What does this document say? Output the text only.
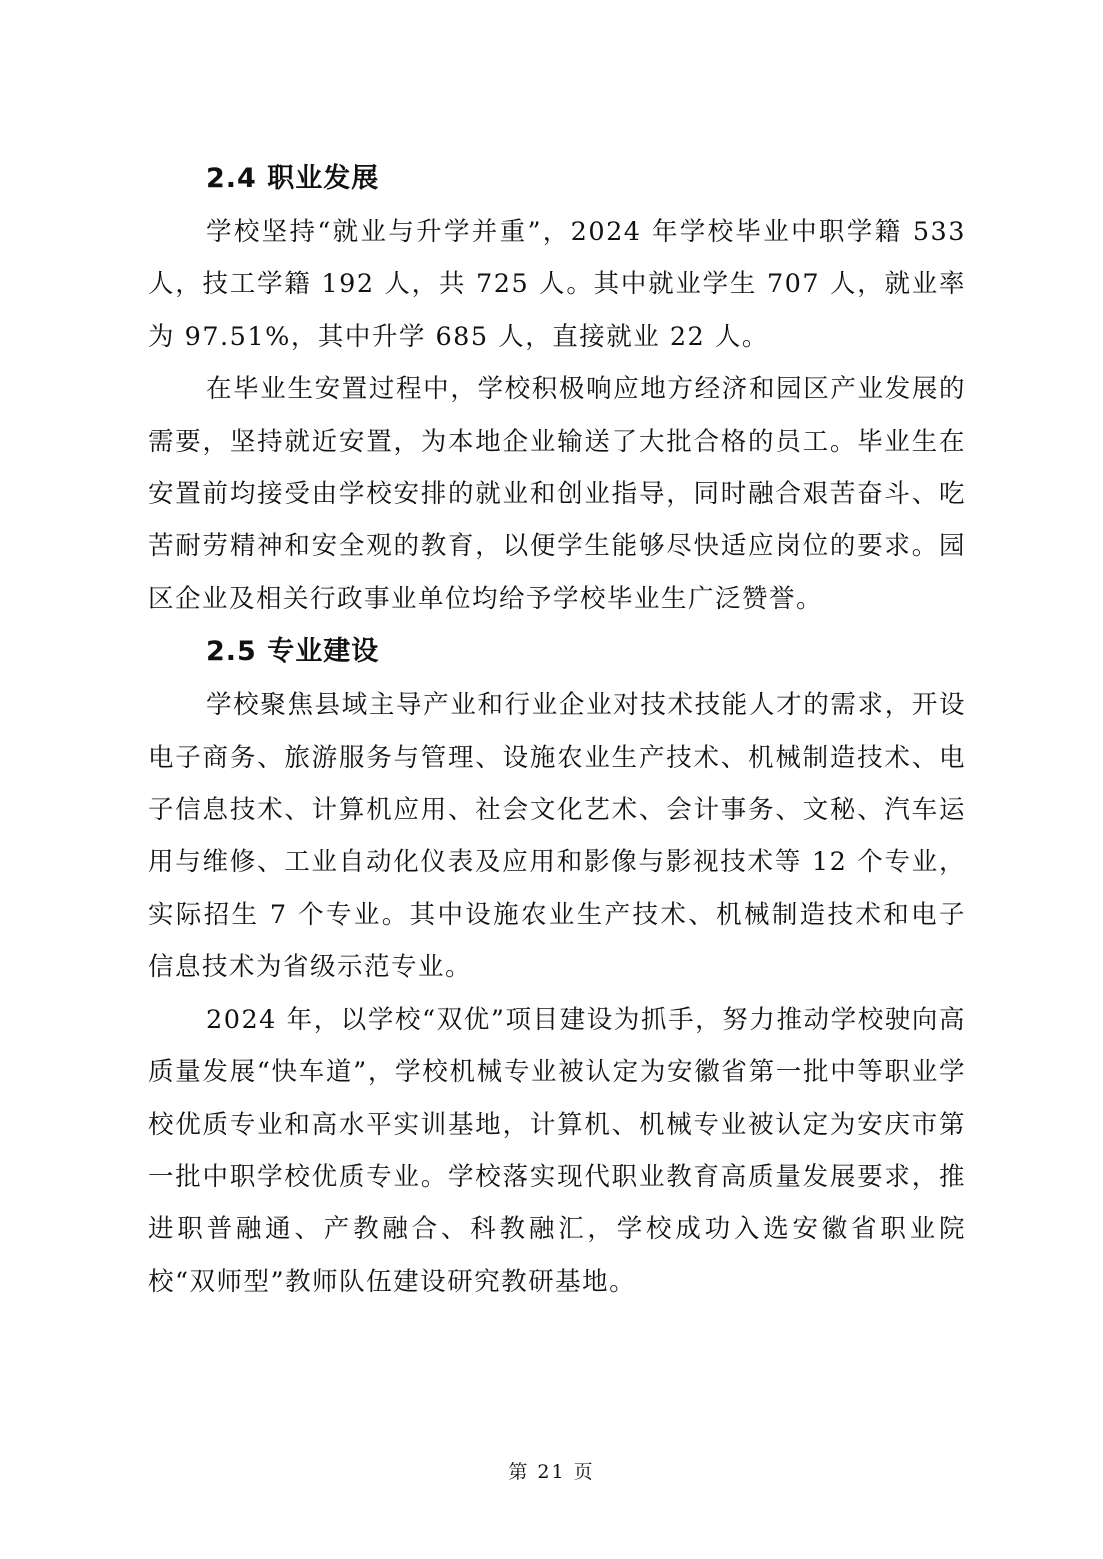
2.4 职业发展

学校坚持“就业与升学并重”，2024 年学校毕业中职学籍 533 人，技工学籍 192 人，共 725 人。其中就业学生 707 人，就业率为 97.51%，其中升学 685 人，直接就业 22 人。

在毕业生安置过程中，学校积极响应地方经济和园区产业发展的需要，坚持就近安置，为本地企业输送了大批合格的员工。毕业生在安置前均接受由学校安排的就业和创业指导，同时融合艰苦奋斗、吃苦耐劳精神和安全观的教育，以便学生能够尽快适应岗位的要求。园区企业及相关行政事业单位均给予学校毕业生广泛赞誉。

2.5 专业建设

学校聚焦县域主导产业和行业企业对技术技能人才的需求，开设电子商务、旅游服务与管理、设施农业生产技术、机械制造技术、电子信息技术、计算机应用、社会文化艺术、会计事务、文秘、汽车运用与维修、工业自动化仪表及应用和影像与影视技术等 12 个专业，实际招生 7 个专业。其中设施农业生产技术、机械制造技术和电子信息技术为省级示范专业。

2024 年，以学校“双优”项目建设为抓手，努力推动学校驶向高质量发展“快车道”，学校机械专业被认定为安徽省第一批中等职业学校优质专业和高水平实训基地，计算机、机械专业被认定为安庆市第一批中职学校优质专业。学校落实现代职业教育高质量发展要求，推进职普融通、产教融合、科教融汇，学校成功入选安徽省职业院校“双师型”教师队伍建设研究教研基地。

第 21 页
